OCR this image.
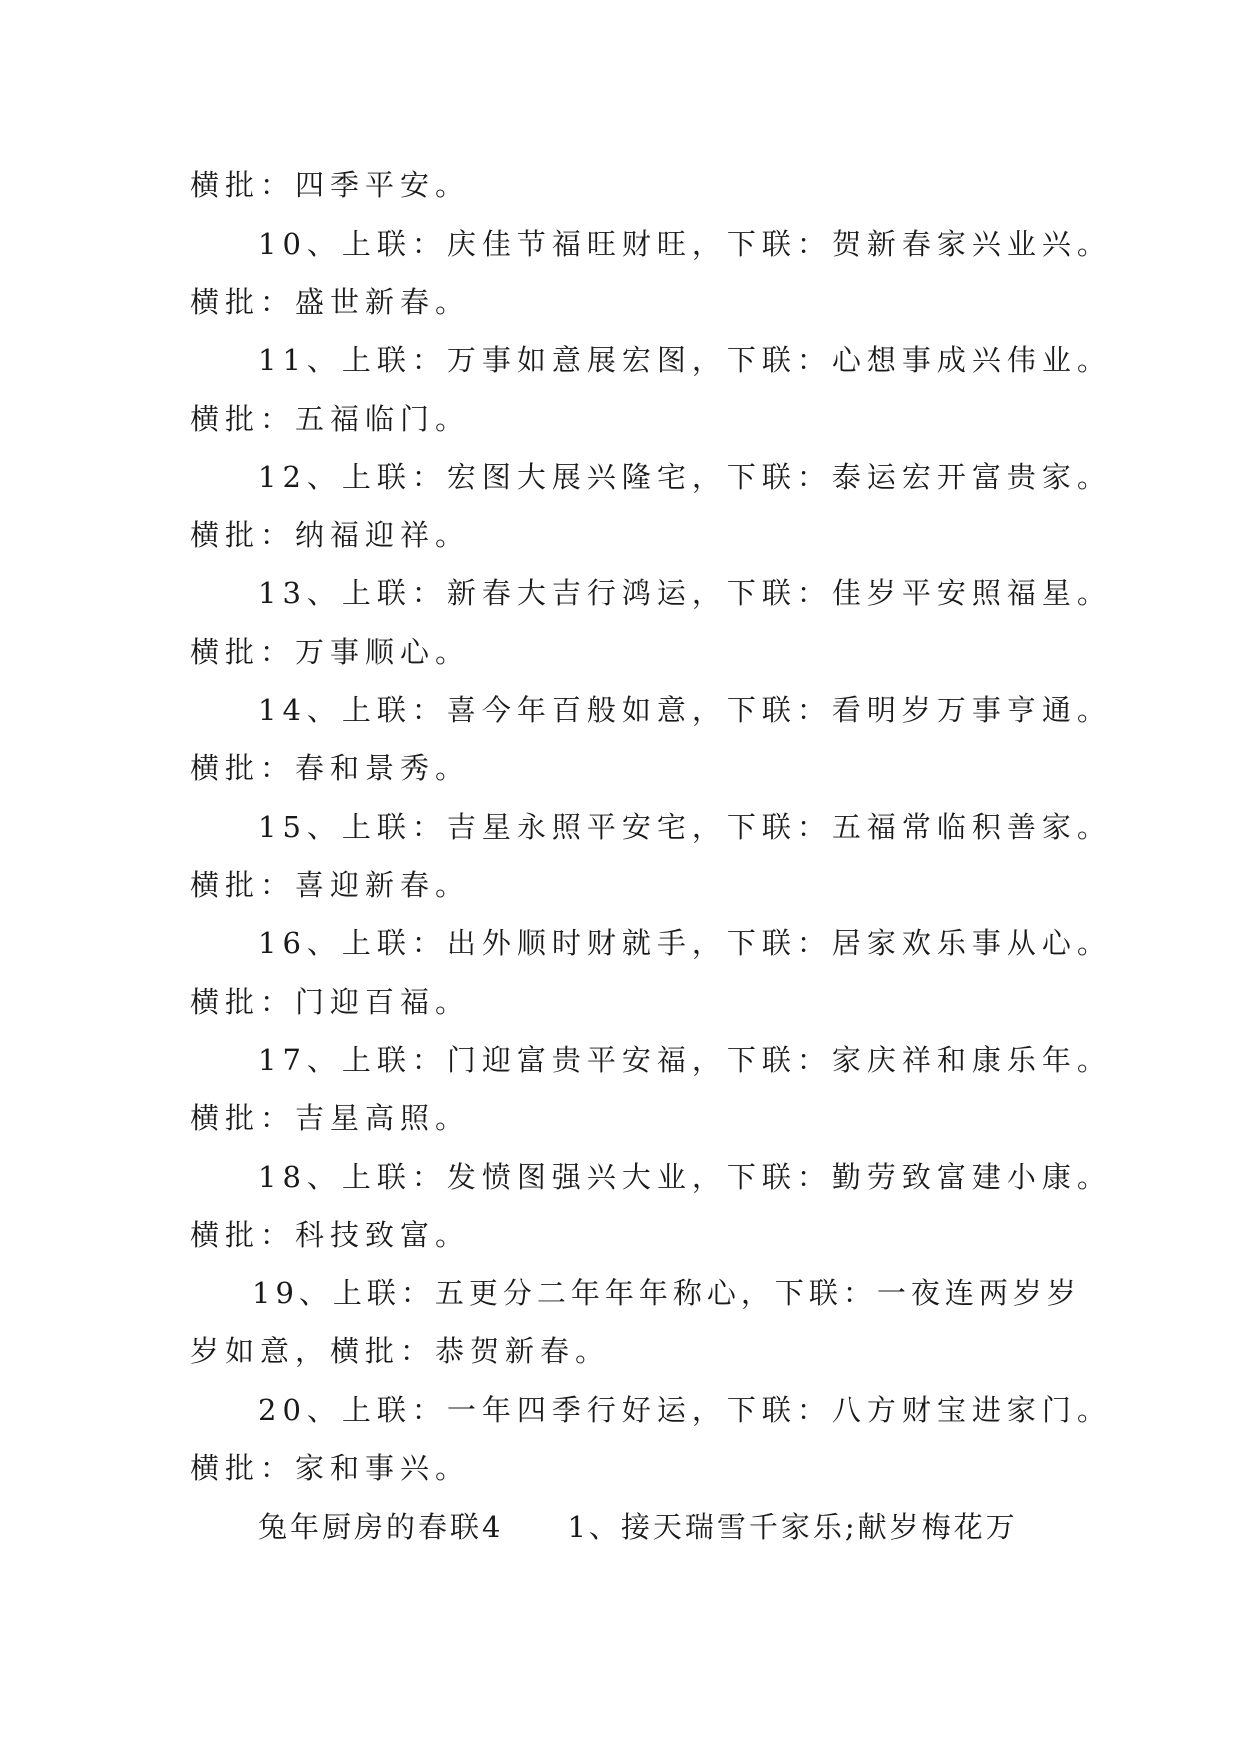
横批：四季平安。
10、上联：庆佳节福旺财旺，下联：贺新春家兴业兴。
横批：盛世新春。
11、上联：万事如意展宏图，下联：心想事成兴伟业。
横批：五福临门。
12、上联：宏图大展兴隆宅，下联：泰运宏开富贵家。
横批：纳福迎祥。
13、上联：新春大吉行鸿运，下联：佳岁平安照福星。
横批：万事顺心。
14、上联：喜今年百般如意，下联：看明岁万事亨通。
横批：春和景秀。
15、上联：吉星永照平安宅，下联：五福常临积善家。
横批：喜迎新春。
16、上联：出外顺时财就手，下联：居家欢乐事从心。
横批：门迎百福。
17、上联：门迎富贵平安福，下联：家庆祥和康乐年。
横批：吉星高照。
18、上联：发愤图强兴大业，下联：勤劳致富建小康。
横批：科技致富。
19、上联：五更分二年年年称心，下联：一夜连两岁岁
岁如意，横批：恭贺新春。
20、上联：一年四季行好运，下联：八方财宝进家门。
横批：家和事兴。
兔年厨房的春联4　　1、接天瑞雪千家乐;献岁梅花万
